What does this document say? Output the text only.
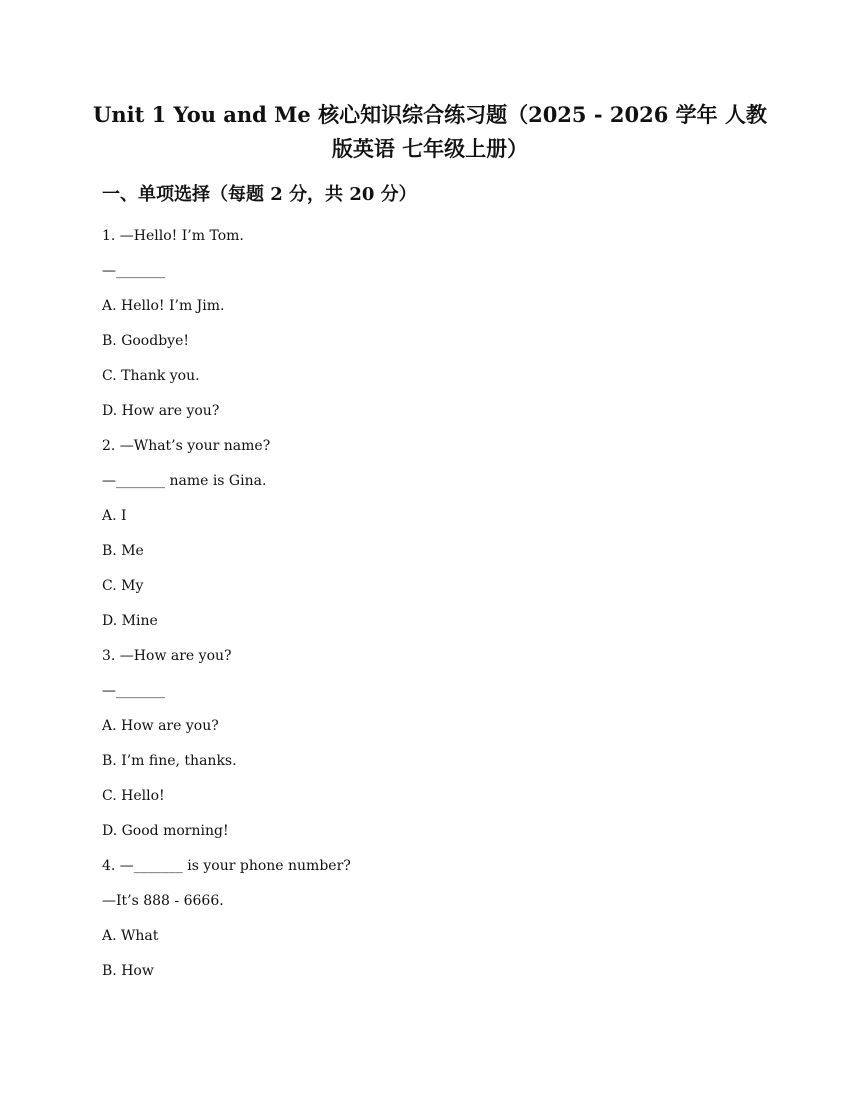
Unit 1 You and Me 核心知识综合练习题（2025 - 2026 学年 人教版英语 七年级上册）
一、单项选择（每题 2 分，共 20 分）
1. —Hello! I’m Tom.
—_______
A. Hello! I’m Jim.
B. Goodbye!
C. Thank you.
D. How are you?
2. —What’s your name?
—_______ name is Gina.
A. I
B. Me
C. My
D. Mine
3. —How are you?
—_______
A. How are you?
B. I’m fine, thanks.
C. Hello!
D. Good morning!
4. —_______ is your phone number?
—It’s 888 - 6666.
A. What
B. How
